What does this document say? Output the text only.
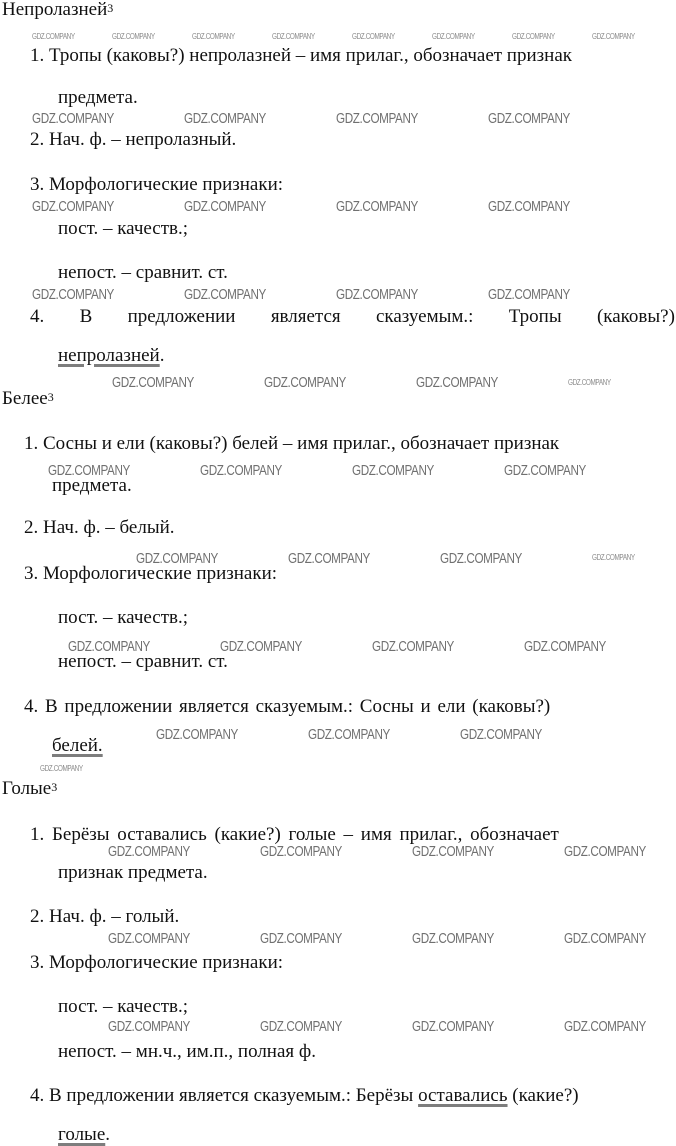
Непролазней$^3$
1. Тропы (каковы?) непролазней – имя прилаг., обозначает признак
предмета.
2. Нач. ф. – непролазный.
3. Морфологические признаки:
пост. – качеств.;
непост. – сравнит. ст.
4. В предложении является сказуемым.: Тропы (каковы?)
непролазней.
Белее$^3$
1. Сосны и ели (каковы?) белей – имя прилаг., обозначает признак
предмета.
2. Нач. ф. – белый.
3. Морфологические признаки:
пост. – качеств.;
непост. – сравнит. ст.
4. В предложении является сказуемым.: Сосны и ели (каковы?)
белей.
Голые$^3$
1. Берёзы оставались (какие?) голые – имя прилаг., обозначает
признак предмета.
2. Нач. ф. – голый.
3. Морфологические признаки:
пост. – качеств.;
непост. – мн.ч., им.п., полная ф.
4. В предложении является сказуемым.: Берёзы оставались (какие?)
голые.
GDZ.COMPANY	GDZ.COMPANY	GDZ.COMPANY	GDZ.COMPANY	GDZ.COMPANY	GDZ.COMPANY	GDZ.COMPANY	GDZ.COMPANY
GDZ.COMPANY	GDZ.COMPANY	GDZ.COMPANY	GDZ.COMPANY
GDZ.COMPANY	GDZ.COMPANY	GDZ.COMPANY	GDZ.COMPANY
GDZ.COMPANY	GDZ.COMPANY	GDZ.COMPANY	GDZ.COMPANY
GDZ.COMPANY	GDZ.COMPANY	GDZ.COMPANY	GDZ.COMPANY
GDZ.COMPANY	GDZ.COMPANY	GDZ.COMPANY	GDZ.COMPANY
GDZ.COMPANY	GDZ.COMPANY	GDZ.COMPANY	GDZ.COMPANY
GDZ.COMPANY	GDZ.COMPANY	GDZ.COMPANY	GDZ.COMPANY
GDZ.COMPANY	GDZ.COMPANY	GDZ.COMPANY
GDZ.COMPANY
GDZ.COMPANY	GDZ.COMPANY	GDZ.COMPANY	GDZ.COMPANY
GDZ.COMPANY	GDZ.COMPANY	GDZ.COMPANY	GDZ.COMPANY
GDZ.COMPANY	GDZ.COMPANY	GDZ.COMPANY	GDZ.COMPANY
